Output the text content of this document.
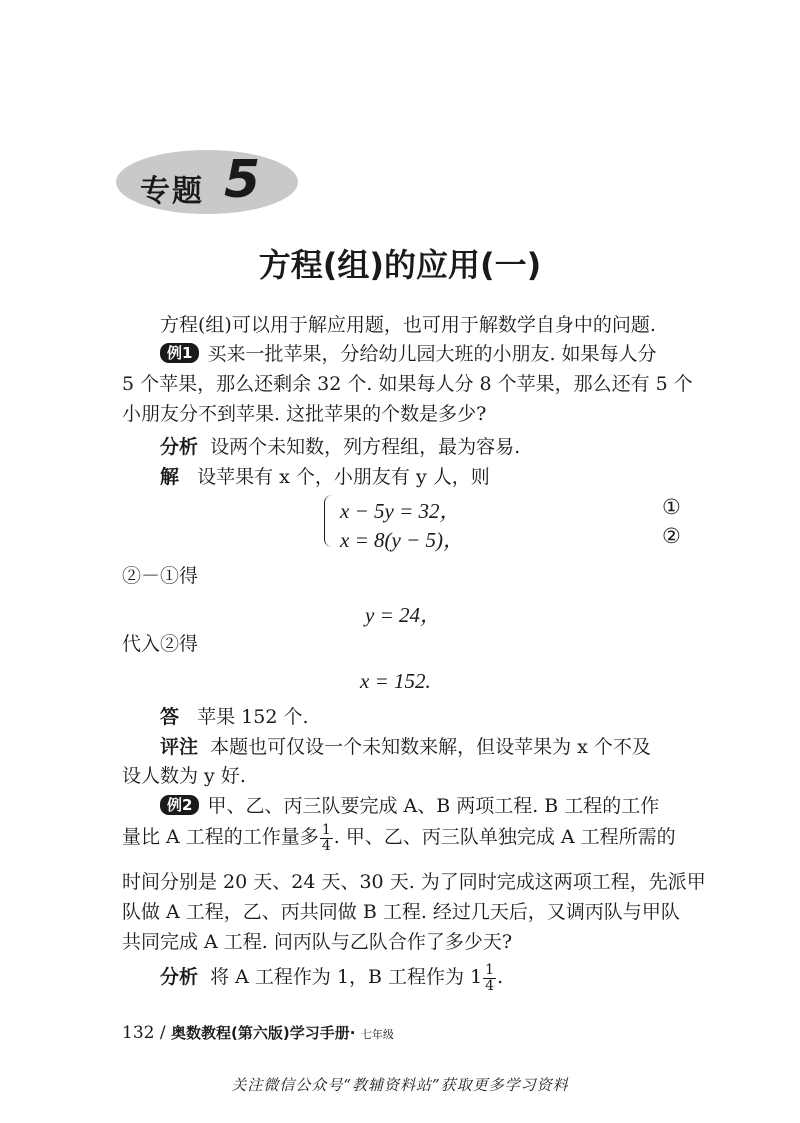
专题 5
方程(组)的应用(一)
方程(组)可以用于解应用题，也可用于解数学自身中的问题.
例1 买来一批苹果，分给幼儿园大班的小朋友. 如果每人分
5 个苹果，那么还剩余 32 个. 如果每人分 8 个苹果，那么还有 5 个
小朋友分不到苹果. 这批苹果的个数是多少?
分析 设两个未知数，列方程组，最为容易.
解 设苹果有 x 个，小朋友有 y 人，则
x − 5y = 32，	①
x = 8(y − 5)，	②
②－①得
y = 24，
代入②得
x = 152.
答 苹果 152 个.
评注 本题也可仅设一个未知数来解，但设苹果为 x 个不及
设人数为 y 好.
例2 甲、乙、丙三队要完成 A、B 两项工程. B 工程的工作
量比 A 工程的工作量多 $\frac{1}{4}$ . 甲、乙、丙三队单独完成 A 工程所需的
时间分别是 20 天、24 天、30 天. 为了同时完成这两项工程，先派甲
队做 A 工程，乙、丙共同做 B 工程. 经过几天后，又调丙队与甲队
共同完成 A 工程. 问丙队与乙队合作了多少天?
分析 将 A 工程作为 1，B 工程作为 $1 \frac{1}{4}$ .
132 / 奥数教程(第六版)学习手册· 七年级
关注微信公众号“教辅资料站”获取更多学习资料
